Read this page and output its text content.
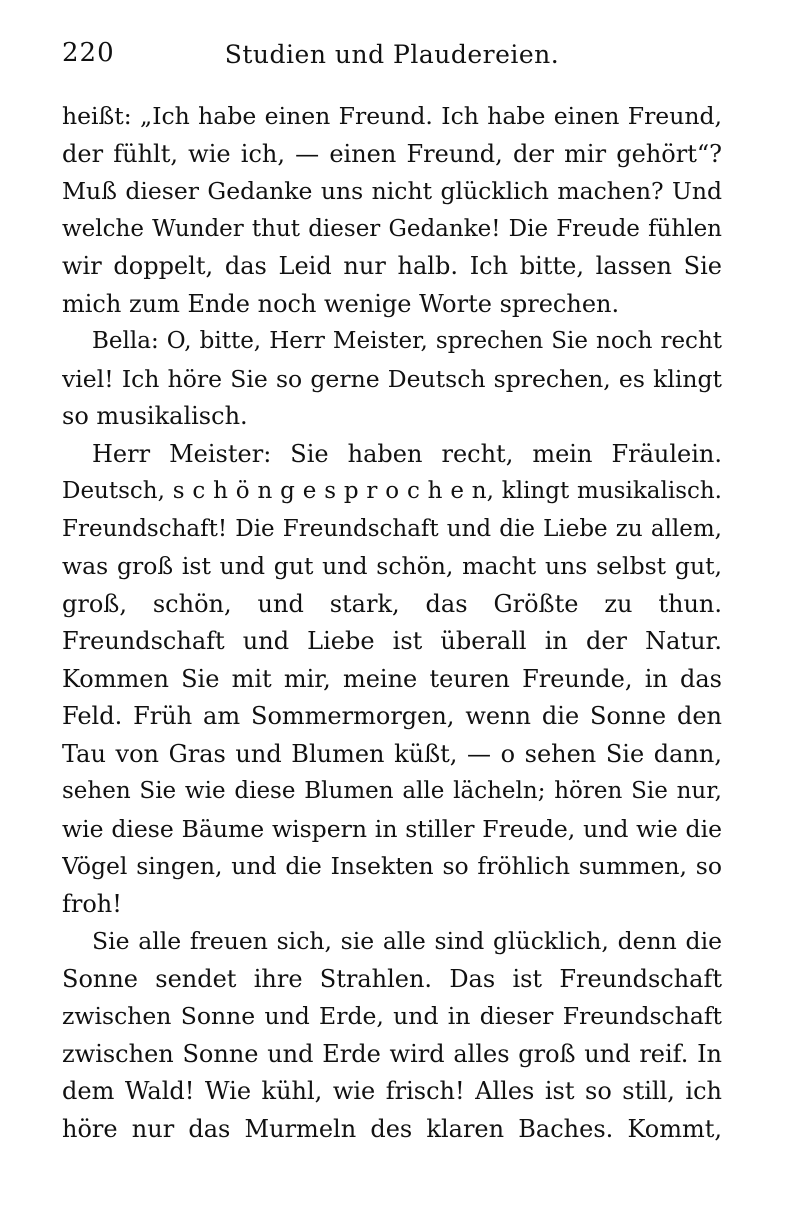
220	Studien und Plaudereien.
heißt: „Ich habe einen Freund. Ich habe einen Freund,
der fühlt, wie ich, — einen Freund, der mir gehört“?
Muß dieser Gedanke uns nicht glücklich machen? Und
welche Wunder thut dieser Gedanke! Die Freude fühlen
wir doppelt, das Leid nur halb. Ich bitte, lassen Sie
mich zum Ende noch wenige Worte sprechen.
Bella: O, bitte, Herr Meister, sprechen Sie noch recht
viel! Ich höre Sie so gerne Deutsch sprechen, es klingt
so musikalisch.
Herr Meister: Sie haben recht, mein Fräulein.
Deutsch, s c h ö n g e s p r o c h e n, klingt musikalisch.
Freundschaft! Die Freundschaft und die Liebe zu allem,
was groß ist und gut und schön, macht uns selbst gut,
groß, schön, und stark, das Größte zu thun.
Freundschaft und Liebe ist überall in der Natur.
Kommen Sie mit mir, meine teuren Freunde, in das
Feld. Früh am Sommermorgen, wenn die Sonne den
Tau von Gras und Blumen küßt, — o sehen Sie dann,
sehen Sie wie diese Blumen alle lächeln; hören Sie nur,
wie diese Bäume wispern in stiller Freude, und wie die
Vögel singen, und die Insekten so fröhlich summen, so
froh!
Sie alle freuen sich, sie alle sind glücklich, denn die
Sonne sendet ihre Strahlen. Das ist Freundschaft
zwischen Sonne und Erde, und in dieser Freundschaft
zwischen Sonne und Erde wird alles groß und reif. In
dem Wald! Wie kühl, wie frisch! Alles ist so still, ich
höre nur das Murmeln des klaren Baches. Kommt,
